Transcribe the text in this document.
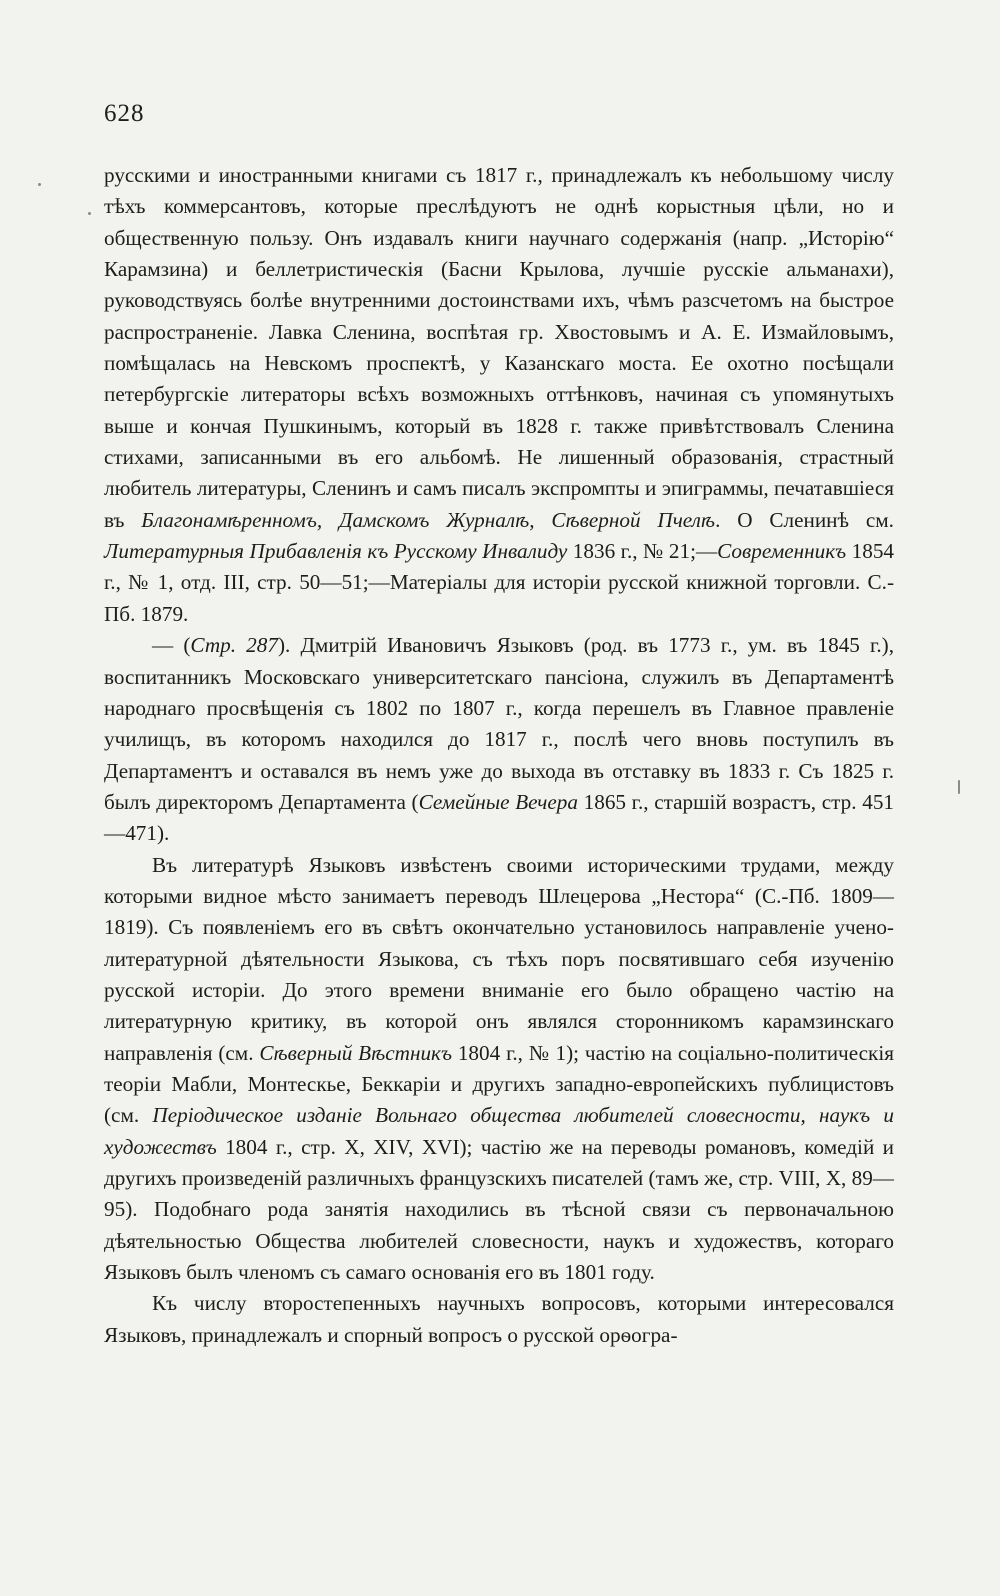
628

русскими и иностранными книгами съ 1817 г., принадлежалъ къ небольшому числу тѣхъ коммерсантовъ, которые преслѣдуютъ не однѣ корыстныя цѣли, но и общественную пользу. Онъ издавалъ книги научнаго содержанія (напр. „Исторію“ Карамзина) и беллетристическія (Басни Крылова, лучшіе русскіе альманахи), руководствуясь болѣе внутренними достоинствами ихъ, чѣмъ разсчетомъ на быстрое распространеніе. Лавка Сленина, воспѣтая гр. Хвостовымъ и А. Е. Измайловымъ, помѣщалась на Невскомъ проспектѣ, у Казанскаго моста. Ее охотно посѣщали петербургскіе литераторы всѣхъ возможныхъ оттѣнковъ, начиная съ упомянутыхъ выше и кончая Пушкинымъ, который въ 1828 г. также привѣтствовалъ Сленина стихами, записанными въ его альбомѣ. Не лишенный образованія, страстный любитель литературы, Сленинъ и самъ писалъ экспромпты и эпиграммы, печатавшіеся въ Благонамѣренномъ, Дамскомъ Журналѣ, Сѣверной Пчелѣ. О Сленинѣ см. Литературныя Прибавленія къ Русскому Инвалиду 1836 г., № 21;—Современникъ 1854 г., № 1, отд. III, стр. 50—51;—Матеріалы для исторіи русской книжной торговли. С.-Пб. 1879.

— (Стр. 287). Дмитрій Ивановичъ Языковъ (род. въ 1773 г., ум. въ 1845 г.), воспитанникъ Московскаго университетскаго пансіона, служилъ въ Департаментѣ народнаго просвѣщенія съ 1802 по 1807 г., когда перешелъ въ Главное правленіе училищъ, въ которомъ находился до 1817 г., послѣ чего вновь поступилъ въ Департаментъ и оставался въ немъ уже до выхода въ отставку въ 1833 г. Съ 1825 г. былъ директоромъ Департамента (Семейные Вечера 1865 г., старшій возрастъ, стр. 451—471).

Въ литературѣ Языковъ извѣстенъ своими историческими трудами, между которыми видное мѣсто занимаетъ переводъ Шлецерова „Нестора“ (С.-Пб. 1809—1819). Съ появленіемъ его въ свѣтъ окончательно установилось направленіе учено-литературной дѣятельности Языкова, съ тѣхъ поръ посвятившаго себя изученію русской исторіи. До этого времени вниманіе его было обращено частію на литературную критику, въ которой онъ являлся сторонникомъ карамзинскаго направленія (см. Сѣверный Вѣстникъ 1804 г., № 1); частію на соціально-политическія теоріи Мабли, Монтескье, Беккаріи и другихъ западно-европейскихъ публицистовъ (см. Періодическое изданіе Вольнаго общества любителей словесности, наукъ и художествъ 1804 г., стр. X, XIV, XVI); частію же на переводы романовъ, комедій и другихъ произведеній различныхъ французскихъ писателей (тамъ же, стр. VIII, X, 89—95). Подобнаго рода занятія находились въ тѣсной связи съ первоначальною дѣятельностью Общества любителей словесности, наукъ и художествъ, котораго Языковъ былъ членомъ съ самаго основанія его въ 1801 году.

Къ числу второстепенныхъ научныхъ вопросовъ, которыми интересовался Языковъ, принадлежалъ и спорный вопросъ о русской орѳогра-
